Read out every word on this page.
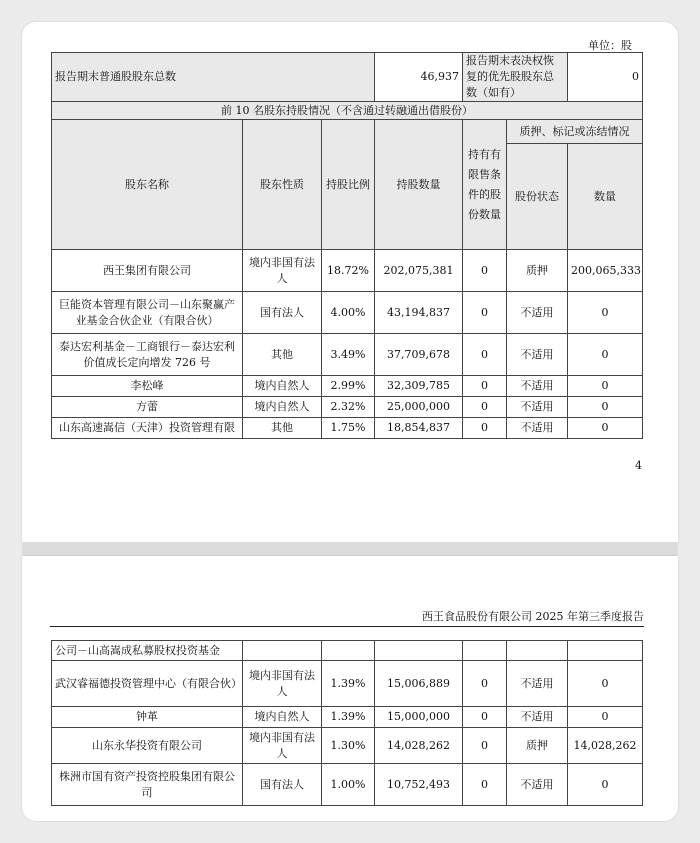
单位：股
报告期末普通股股东总数			46,937	报告期末表决权恢复的优先股股东总数（如有）		0
前 10 名股东持股情况（不含通过转融通出借股份）						
股东名称	股东性质	持股比例	持股数量	持有有限售条件的股份数量	质押、标记或冻结情况	
					股份状态	数量
西王集团有限公司	境内非国有法人	18.72%	202,075,381	0	质押	200,065,333
巨能资本管理有限公司－山东聚赢产业基金合伙企业（有限合伙）	国有法人	4.00%	43,194,837	0	不适用	0
泰达宏利基金－工商银行－泰达宏利价值成长定向增发 726 号	其他	3.49%	37,709,678	0	不适用	0
李松峰	境内自然人	2.99%	32,309,785	0	不适用	0
方蕾	境内自然人	2.32%	25,000,000	0	不适用	0
山东高速嵩信（天津）投资管理有限	其他	1.75%	18,854,837	0	不适用	0
4
西王食品股份有限公司 2025 年第三季度报告
公司－山高嵩成私募股权投资基金						
武汉睿福德投资管理中心（有限合伙）	境内非国有法人	1.39%	15,006,889	0	不适用	0
钟革	境内自然人	1.39%	15,000,000	0	不适用	0
山东永华投资有限公司	境内非国有法人	1.30%	14,028,262	0	质押	14,028,262
株洲市国有资产投资控股集团有限公司	国有法人	1.00%	10,752,493	0	不适用	0
